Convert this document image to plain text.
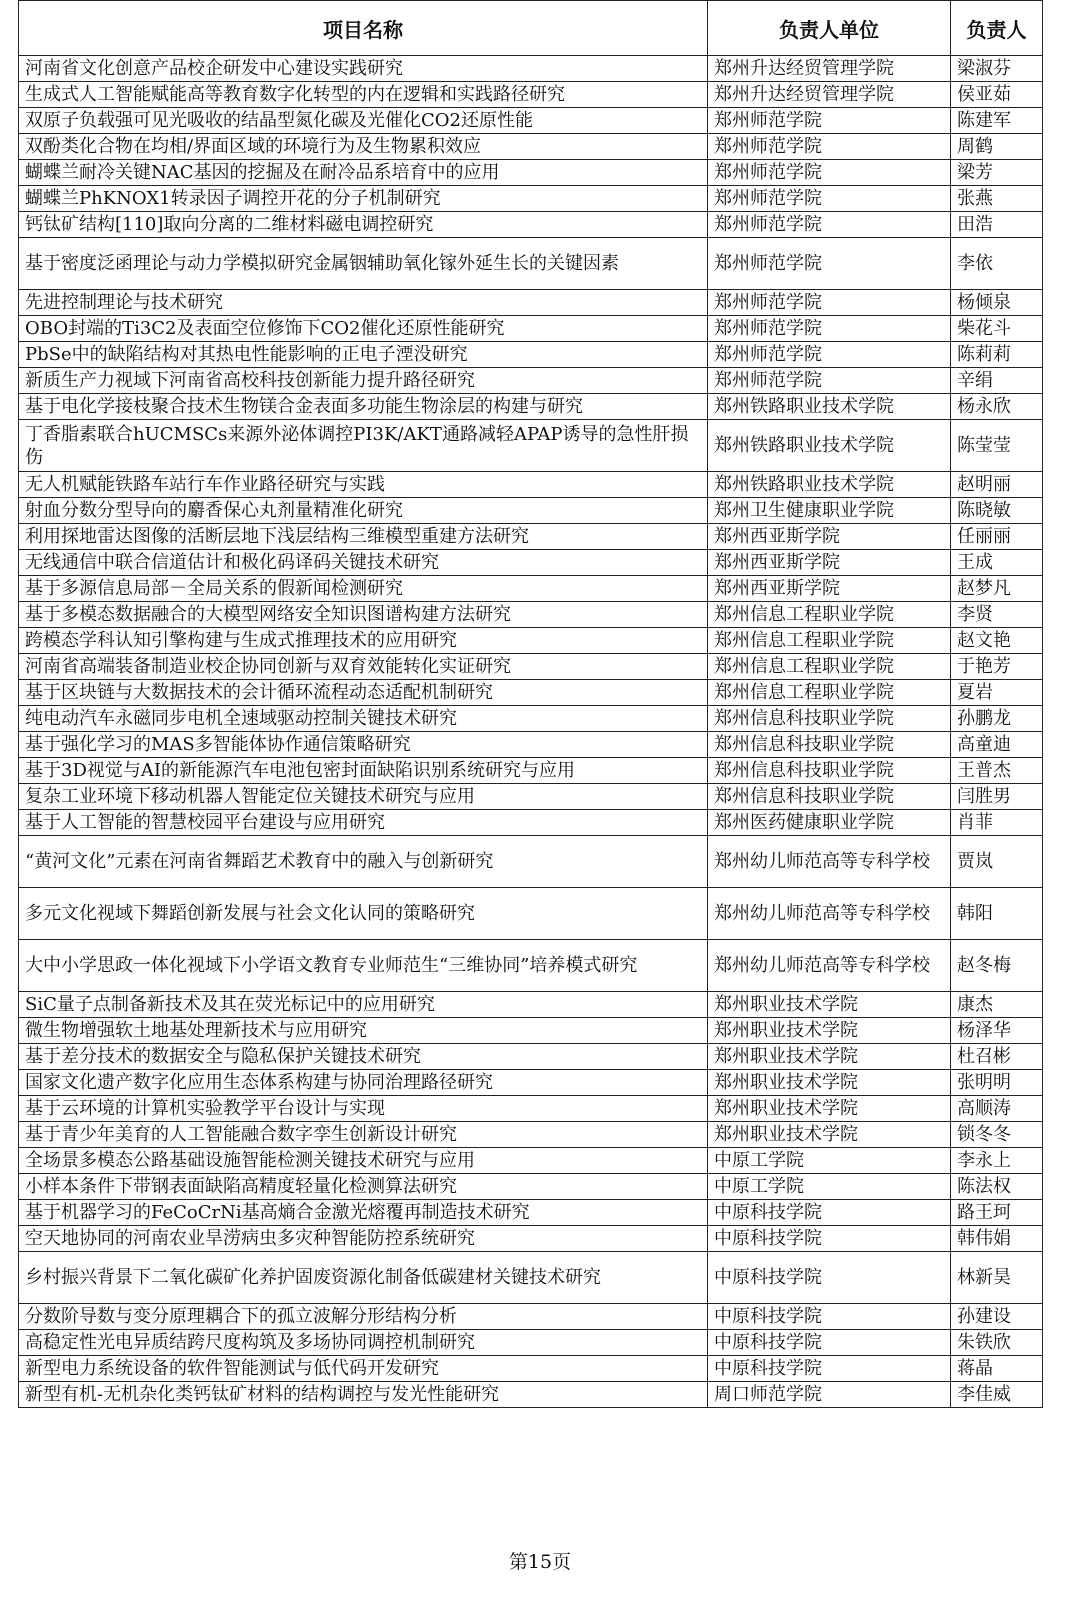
项目名称	负责人单位	负责人
河南省文化创意产品校企研发中心建设实践研究	郑州升达经贸管理学院	梁淑芬
生成式人工智能赋能高等教育数字化转型的内在逻辑和实践路径研究	郑州升达经贸管理学院	侯亚茹
双原子负载强可见光吸收的结晶型氮化碳及光催化CO2还原性能	郑州师范学院	陈建军
双酚类化合物在均相/界面区域的环境行为及生物累积效应	郑州师范学院	周鹤
蝴蝶兰耐冷关键NAC基因的挖掘及在耐冷品系培育中的应用	郑州师范学院	梁芳
蝴蝶兰PhKNOX1转录因子调控开花的分子机制研究	郑州师范学院	张燕
钙钛矿结构[110]取向分离的二维材料磁电调控研究	郑州师范学院	田浩
基于密度泛函理论与动力学模拟研究金属铟辅助氧化镓外延生长的关键因素	郑州师范学院	李依
先进控制理论与技术研究	郑州师范学院	杨倾泉
OBO封端的Ti3C2及表面空位修饰下CO2催化还原性能研究	郑州师范学院	柴花斗
PbSe中的缺陷结构对其热电性能影响的正电子湮没研究	郑州师范学院	陈莉莉
新质生产力视域下河南省高校科技创新能力提升路径研究	郑州师范学院	辛绢
基于电化学接枝聚合技术生物镁合金表面多功能生物涂层的构建与研究	郑州铁路职业技术学院	杨永欣
丁香脂素联合hUCMSCs来源外泌体调控PI3K/AKT通路减轻APAP诱导的急性肝损伤	郑州铁路职业技术学院	陈莹莹
无人机赋能铁路车站行车作业路径研究与实践	郑州铁路职业技术学院	赵明丽
射血分数分型导向的麝香保心丸剂量精准化研究	郑州卫生健康职业学院	陈晓敏
利用探地雷达图像的活断层地下浅层结构三维模型重建方法研究	郑州西亚斯学院	任丽丽
无线通信中联合信道估计和极化码译码关键技术研究	郑州西亚斯学院	王成
基于多源信息局部－全局关系的假新闻检测研究	郑州西亚斯学院	赵梦凡
基于多模态数据融合的大模型网络安全知识图谱构建方法研究	郑州信息工程职业学院	李贤
跨模态学科认知引擎构建与生成式推理技术的应用研究	郑州信息工程职业学院	赵文艳
河南省高端装备制造业校企协同创新与双育效能转化实证研究	郑州信息工程职业学院	于艳芳
基于区块链与大数据技术的会计循环流程动态适配机制研究	郑州信息工程职业学院	夏岩
纯电动汽车永磁同步电机全速域驱动控制关键技术研究	郑州信息科技职业学院	孙鹏龙
基于强化学习的MAS多智能体协作通信策略研究	郑州信息科技职业学院	高童迪
基于3D视觉与AI的新能源汽车电池包密封面缺陷识别系统研究与应用	郑州信息科技职业学院	王普杰
复杂工业环境下移动机器人智能定位关键技术研究与应用	郑州信息科技职业学院	闫胜男
基于人工智能的智慧校园平台建设与应用研究	郑州医药健康职业学院	肖菲
“黄河文化”元素在河南省舞蹈艺术教育中的融入与创新研究	郑州幼儿师范高等专科学校	贾岚
多元文化视域下舞蹈创新发展与社会文化认同的策略研究	郑州幼儿师范高等专科学校	韩阳
大中小学思政一体化视域下小学语文教育专业师范生“三维协同”培养模式研究	郑州幼儿师范高等专科学校	赵冬梅
SiC量子点制备新技术及其在荧光标记中的应用研究	郑州职业技术学院	康杰
微生物增强软土地基处理新技术与应用研究	郑州职业技术学院	杨泽华
基于差分技术的数据安全与隐私保护关键技术研究	郑州职业技术学院	杜召彬
国家文化遗产数字化应用生态体系构建与协同治理路径研究	郑州职业技术学院	张明明
基于云环境的计算机实验教学平台设计与实现	郑州职业技术学院	高顺涛
基于青少年美育的人工智能融合数字孪生创新设计研究	郑州职业技术学院	锁冬冬
全场景多模态公路基础设施智能检测关键技术研究与应用	中原工学院	李永上
小样本条件下带钢表面缺陷高精度轻量化检测算法研究	中原工学院	陈法权
基于机器学习的FeCoCrNi基高熵合金激光熔覆再制造技术研究	中原科技学院	路王珂
空天地协同的河南农业旱涝病虫多灾种智能防控系统研究	中原科技学院	韩伟娟
乡村振兴背景下二氧化碳矿化养护固废资源化制备低碳建材关键技术研究	中原科技学院	林新昊
分数阶导数与变分原理耦合下的孤立波解分形结构分析	中原科技学院	孙建设
高稳定性光电异质结跨尺度构筑及多场协同调控机制研究	中原科技学院	朱铁欣
新型电力系统设备的软件智能测试与低代码开发研究	中原科技学院	蒋晶
新型有机-无机杂化类钙钛矿材料的结构调控与发光性能研究	周口师范学院	李佳威
第15页
